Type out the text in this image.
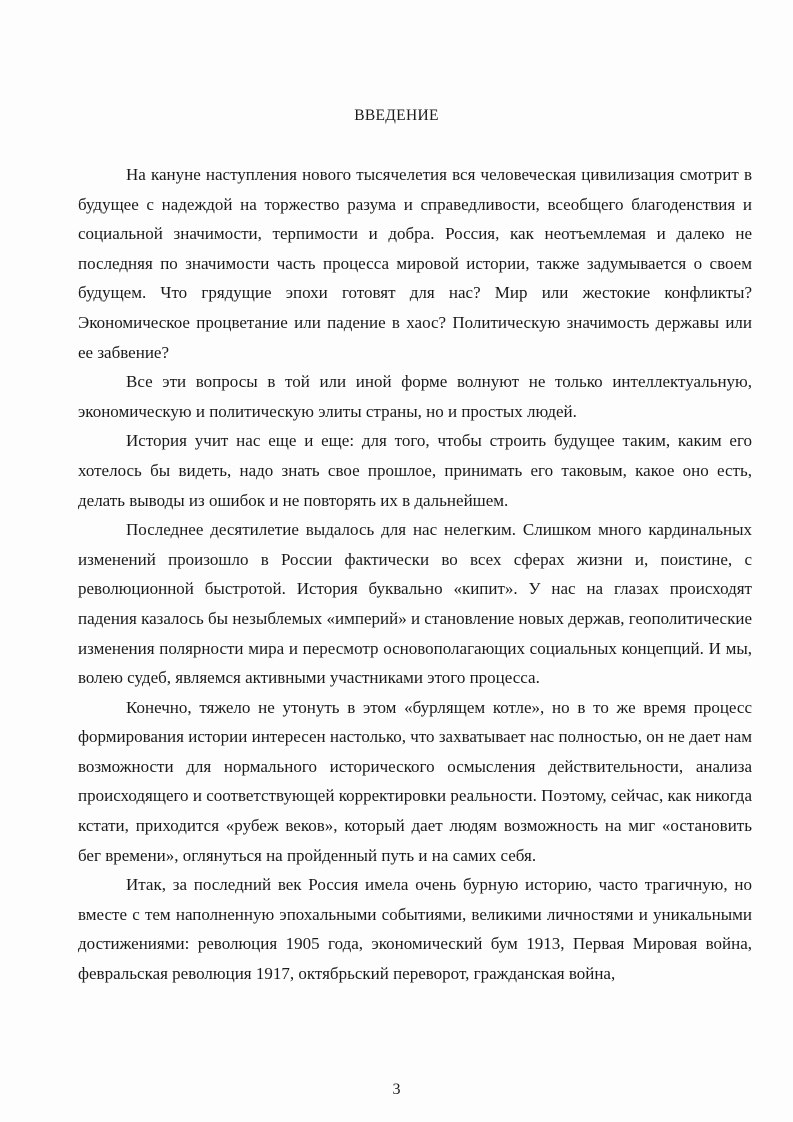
ВВЕДЕНИЕ

На кануне наступления нового тысячелетия вся человеческая цивилизация смотрит в будущее с надеждой на торжество разума и справедливости, всеобщего благоденствия и социальной значимости, терпимости и добра. Россия, как неотъемлемая и далеко не последняя по значимости часть процесса мировой истории, также задумывается о своем будущем. Что грядущие эпохи готовят для нас? Мир или жестокие конфликты? Экономическое процветание или падение в хаос? Политическую значимость державы или ее забвение?

Все эти вопросы в той или иной форме волнуют не только интеллектуальную, экономическую и политическую элиты страны, но и простых людей.

История учит нас еще и еще: для того, чтобы строить будущее таким, каким его хотелось бы видеть, надо знать свое прошлое, принимать его таковым, какое оно есть, делать выводы из ошибок и не повторять их в дальнейшем.

Последнее десятилетие выдалось для нас нелегким. Слишком много кардинальных изменений произошло в России фактически во всех сферах жизни и, поистине, с революционной быстротой. История буквально «кипит». У нас на глазах происходят падения казалось бы незыблемых «империй» и становление новых держав, геополитические изменения полярности мира и пересмотр основополагающих социальных концепций. И мы, волею судеб, являемся активными участниками этого процесса.

Конечно, тяжело не утонуть в этом «бурлящем котле», но в то же время процесс формирования истории интересен настолько, что захватывает нас полностью, он не дает нам возможности для нормального исторического осмысления действительности, анализа происходящего и соответствующей корректировки реальности. Поэтому, сейчас, как никогда кстати, приходится «рубеж веков», который дает людям возможность на миг «остановить бег времени», оглянуться на пройденный путь и на самих себя.

Итак, за последний век Россия имела очень бурную историю, часто трагичную, но вместе с тем наполненную эпохальными событиями, великими личностями и уникальными достижениями: революция 1905 года, экономический бум 1913, Первая Мировая война, февральская революция 1917, октябрьский переворот, гражданская война,

3
